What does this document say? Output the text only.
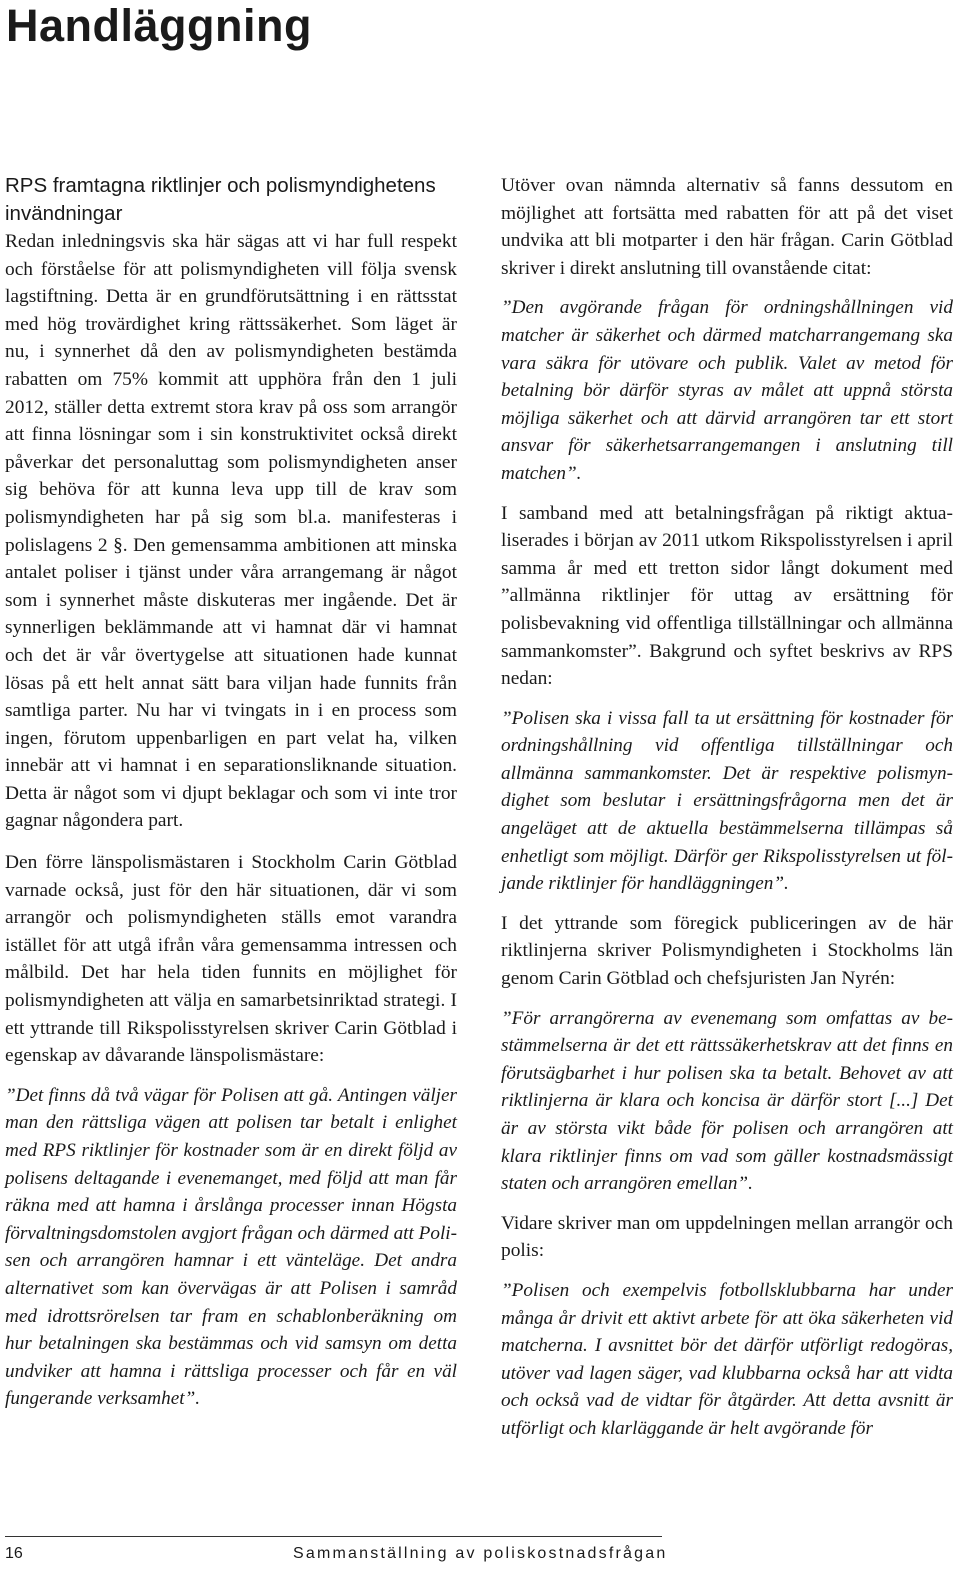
Handläggning
RPS framtagna riktlinjer och polismyndighetens invändningar

Redan inledningsvis ska här sägas att vi har full respekt och förståelse för att polismyndigheten vill följa svensk lagstiftning. Detta är en grundförutsättning i en rättsstat med hög trovärdighet kring rättssäkerhet. Som läget är nu, i synnerhet då den av polismyndigheten bestämda rabatten om 75% kommit att upphöra från den 1 juli 2012, ställer detta extremt stora krav på oss som arrangör att finna lösningar som i sin konstruktivitet också direkt påverkar det personaluttag som polismyndigheten anser sig behöva för att kunna leva upp till de krav som polismyndigheten har på sig som bl.a. manifesteras i polislagens 2 §. Den gemensamma ambitionen att minska antalet poliser i tjänst under våra arrangemang är något som i synnerhet måste diskuteras mer ingående. Det är synnerligen beklämmande att vi hamnat där vi hamnat och det är vår övertygelse att situationen hade kunnat lösas på ett helt annat sätt bara viljan hade funnits från samtliga parter. Nu har vi tvingats in i en process som ingen, förutom uppenbarligen en part velat ha, vilken innebär att vi hamnat i en separationsliknande situation. Detta är något som vi djupt beklagar och som vi inte tror gagnar någondera part.

Den förre länspolismästaren i Stockholm Carin Götblad varnade också, just för den här situationen, där vi som arrangör och polismyndigheten ställs emot varandra istället för att utgå ifrån våra gemensamma intressen och målbild. Det har hela tiden funnits en möjlighet för polismyndigheten att välja en samarbetsinriktad strategi. I ett yttrande till Rikspolisstyrelsen skriver Carin Götblad i egenskap av dåvarande länspolismästare:

”Det finns då två vägar för Polisen att gå. Antingen väljer man den rättsliga vägen att polisen tar betalt i enlighet med RPS riktlinjer för kostnader som är en direkt följd av polisens deltagande i evenemanget, med följd att man får räkna med att hamna i årslånga processer innan Högsta förvaltningsdomstolen avgjort frågan och därmed att Polisen och arrangören hamnar i ett vänteläge. Det andra alternativet som kan övervägas är att Polisen i samråd med idrottsrörelsen tar fram en schablonberäkning om hur betalningen ska bestämmas och vid samsyn om detta undviker att hamna i rättsliga processer och får en väl fungerande verksamhet”.

Utöver ovan nämnda alternativ så fanns dessutom en möjlighet att fortsätta med rabatten för att på det viset undvika att bli motparter i den här frågan. Carin Götblad skriver i direkt anslutning till ovanstående citat:

”Den avgörande frågan för ordningshållningen vid matcher är säkerhet och därmed matcharrangemang ska vara säkra för utövare och publik. Valet av metod för betalning bör därför styras av målet att uppnå största möjliga säkerhet och att därvid arrangören tar ett stort ansvar för säkerhetsarrangemangen i anslutning till matchen”.

I samband med att betalningsfrågan på riktigt aktualiserades i början av 2011 utkom Rikspolisstyrelsen i april samma år med ett tretton sidor långt dokument med ”allmänna riktlinjer för uttag av ersättning för polisbevakning vid offentliga tillställningar och allmänna sammankomster”. Bakgrund och syftet beskrivs av RPS nedan:

”Polisen ska i vissa fall ta ut ersättning för kostnader för ordningshållning vid offentliga tillställningar och allmänna sammankomster. Det är respektive polismyndighet som beslutar i ersättningsfrågorna men det är angeläget att de aktuella bestämmelserna tillämpas så enhetligt som möjligt. Därför ger Rikspolisstyrelsen ut följande riktlinjer för handläggningen”.

I det yttrande som föregick publiceringen av de här riktlinjerna skriver Polismyndigheten i Stockholms län genom Carin Götblad och chefsjuristen Jan Nyrén:

”För arrangörerna av evenemang som omfattas av bestämmelserna är det ett rättssäkerhetskrav att det finns en förutsägbarhet i hur polisen ska ta betalt. Behovet av att riktlinjerna är klara och koncisa är därför stort [...] Det är av största vikt både för polisen och arrangören att klara riktlinjer finns om vad som gäller kostnadsmässigt staten och arrangören emellan”.

Vidare skriver man om uppdelningen mellan arrangör och polis:

”Polisen och exempelvis fotbollsklubbarna har under många år drivit ett aktivt arbete för att öka säkerheten vid matcherna. I avsnittet bör det därför utförligt redogöras, utöver vad lagen säger, vad klubbarna också har att vidta och också vad de vidtar för åtgärder. Att detta avsnitt är utförligt och klarläggande är helt avgörande för

16	Sammanställning av poliskostnadsfrågan
